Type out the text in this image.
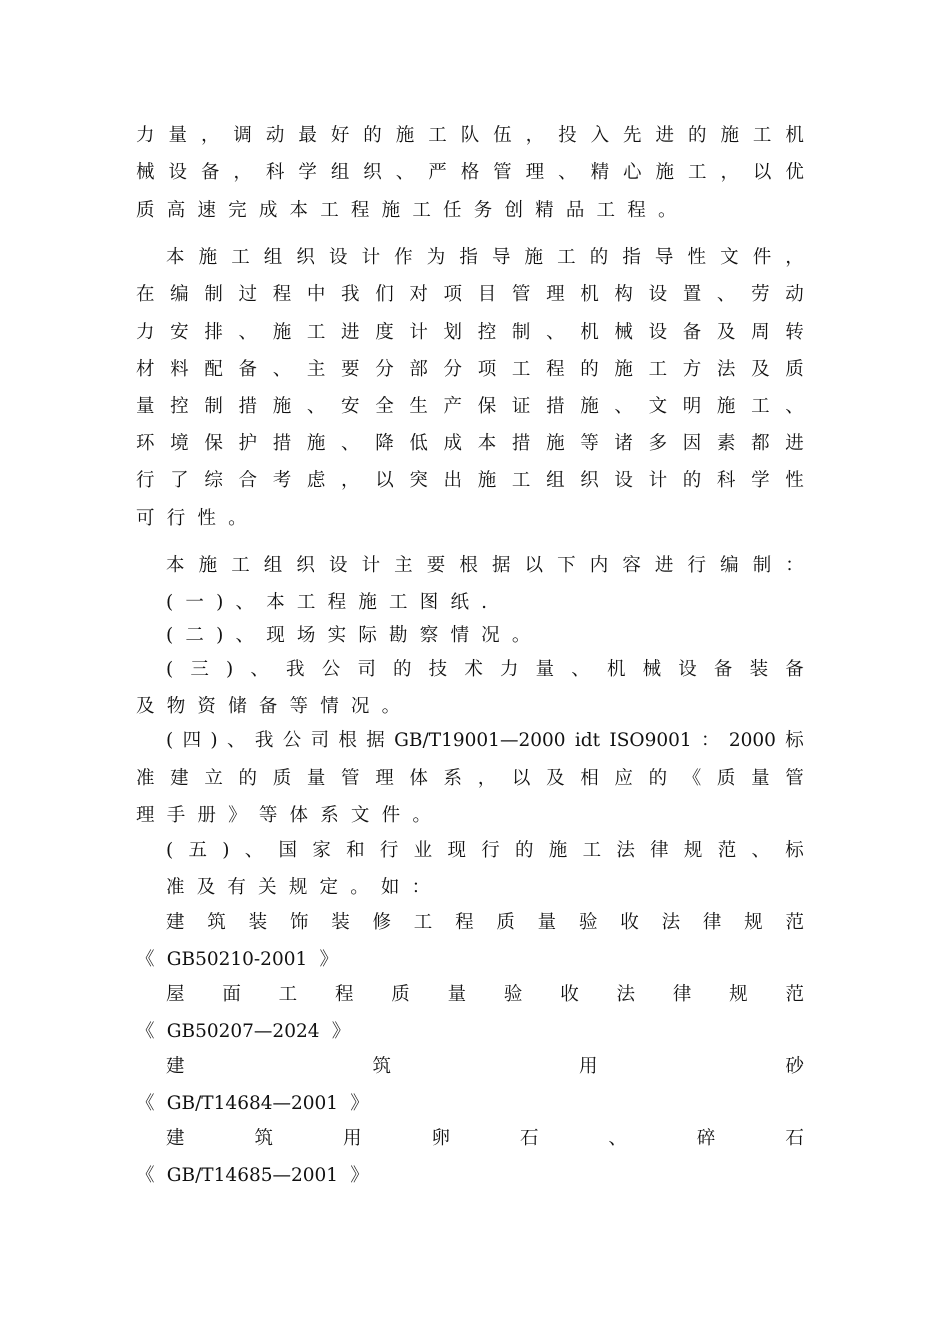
力 量 ， 调 动 最 好 的 施 工 队 伍 ， 投 入 先 进 的 施 工 机
械 设 备 ， 科 学 组 织 、 严 格 管 理 、 精 心 施 工 ， 以 优
质 高 速 完 成 本 工 程 施 工 任 务 创 精 品 工 程 。
本 施 工 组 织 设 计 作 为 指 导 施 工 的 指 导 性 文 件 ，
在 编 制 过 程 中 我 们 对 项 目 管 理 机 构 设 置 、 劳 动
力 安 排 、 施 工 进 度 计 划 控 制 、 机 械 设 备 及 周 转
材 料 配 备 、 主 要 分 部 分 项 工 程 的 施 工 方 法 及 质
量 控 制 措 施 、 安 全 生 产 保 证 措 施 、 文 明 施 工 、
环 境 保 护 措 施 、 降 低 成 本 措 施 等 诸 多 因 素 都 进
行 了 综 合 考 虑 ， 以 突 出 施 工 组 织 设 计 的 科 学 性
可 行 性 。
本 施 工 组 织 设 计 主 要 根 据 以 下 内 容 进 行 编 制 ：
( 一 ) 、 本 工 程 施 工 图 纸 .
( 二 ) 、 现 场 实 际 勘 察 情 况 。
( 三 ) 、 我 公 司 的 技 术 力 量 、 机 械 设 备 装 备
及 物 资 储 备 等 情 况 。
( 四 ) 、 我 公 司 根 据 GB/T19001—2000 idt ISO9001 ： 2000 标
准 建 立 的 质 量 管 理 体 系 ， 以 及 相 应 的 《 质 量 管
理 手 册 》 等 体 系 文 件 。
( 五 ) 、 国 家 和 行 业 现 行 的 施 工 法 律 规 范 、 标
准 及 有 关 规 定 。 如 ：
建 筑 装 饰 装 修 工 程 质 量 验 收 法 律 规 范
《 GB50210-2001 》
屋 面 工 程 质 量 验 收 法 律 规 范
《 GB50207—2024 》
建	筑	用	砂
《 GB/T14684—2001 》
建	筑	用	卵	石	、	碎	石
《 GB/T14685—2001 》
